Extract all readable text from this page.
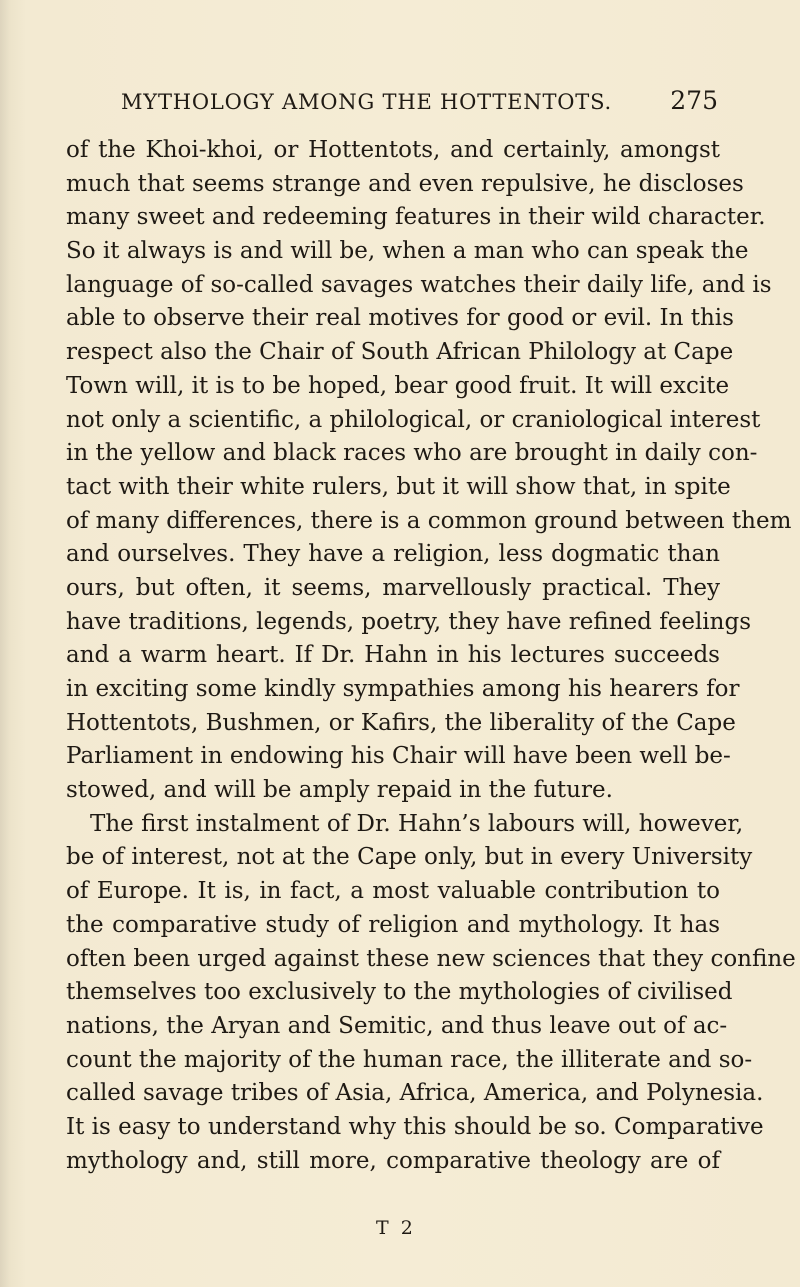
MYTHOLOGY AMONG THE HOTTENTOTS. 275
of the Khoi-khoi, or Hottentots, and certainly, amongst
much that seems strange and even repulsive, he discloses
many sweet and redeeming features in their wild character.
So it always is and will be, when a man who can speak the
language of so-called savages watches their daily life, and is
able to observe their real motives for good or evil. In this
respect also the Chair of South African Philology at Cape
Town will, it is to be hoped, bear good fruit. It will excite
not only a scientific, a philological, or craniological interest
in the yellow and black races who are brought in daily con-
tact with their white rulers, but it will show that, in spite
of many differences, there is a common ground between them
and ourselves. They have a religion, less dogmatic than
ours, but often, it seems, marvellously practical. They
have traditions, legends, poetry, they have refined feelings
and a warm heart. If Dr. Hahn in his lectures succeeds
in exciting some kindly sympathies among his hearers for
Hottentots, Bushmen, or Kafirs, the liberality of the Cape
Parliament in endowing his Chair will have been well be-
stowed, and will be amply repaid in the future.
The first instalment of Dr. Hahn’s labours will, however,
be of interest, not at the Cape only, but in every University
of Europe. It is, in fact, a most valuable contribution to
the comparative study of religion and mythology. It has
often been urged against these new sciences that they confine
themselves too exclusively to the mythologies of civilised
nations, the Aryan and Semitic, and thus leave out of ac-
count the majority of the human race, the illiterate and so-
called savage tribes of Asia, Africa, America, and Polynesia.
It is easy to understand why this should be so. Comparative
mythology and, still more, comparative theology are of
T 2
